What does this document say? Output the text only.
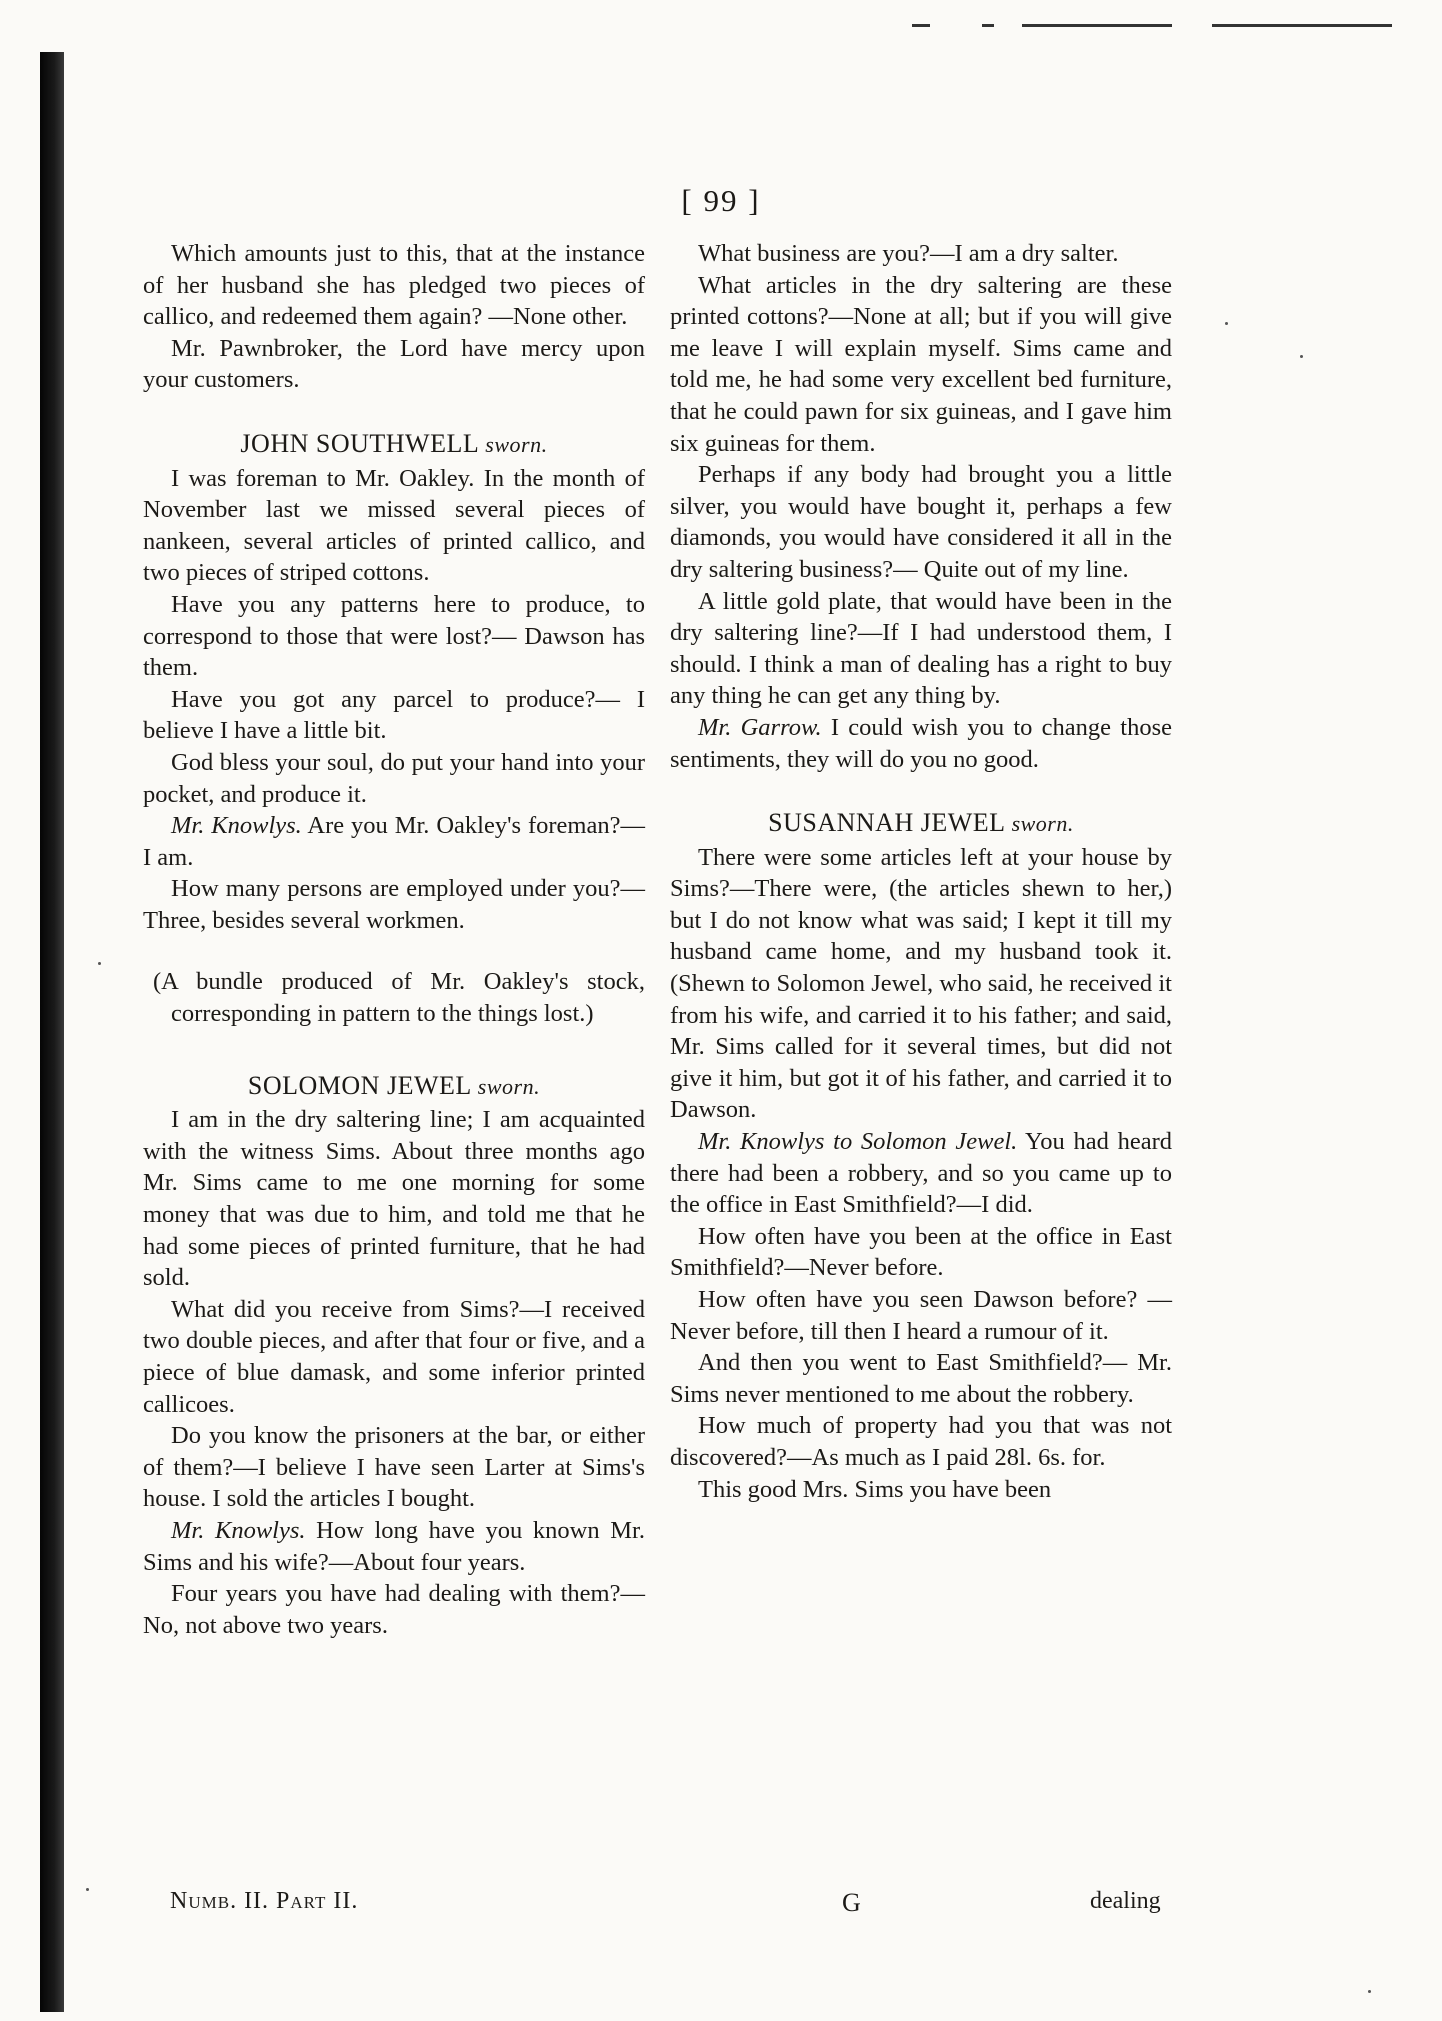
[ 99 ]

Which amounts just to this, that at the instance of her husband she has pledged two pieces of callico, and redeemed them again? —None other.

Mr. Pawnbroker, the Lord have mercy upon your customers.

JOHN SOUTHWELL sworn.

I was foreman to Mr. Oakley. In the month of November last we missed several pieces of nankeen, several articles of printed callico, and two pieces of striped cottons.

Have you any patterns here to produce, to correspond to those that were lost?— Dawson has them.

Have you got any parcel to produce?— I believe I have a little bit.

God bless your soul, do put your hand into your pocket, and produce it.

Mr. Knowlys. Are you Mr. Oakley's foreman?—I am.

How many persons are employed under you?—Three, besides several workmen.

(A bundle produced of Mr. Oakley's stock, corresponding in pattern to the things lost.)

SOLOMON JEWEL sworn.

I am in the dry saltering line; I am acquainted with the witness Sims. About three months ago Mr. Sims came to me one morning for some money that was due to him, and told me that he had some pieces of printed furniture, that he had sold.

What did you receive from Sims?—I received two double pieces, and after that four or five, and a piece of blue damask, and some inferior printed callicoes.

Do you know the prisoners at the bar, or either of them?—I believe I have seen Larter at Sims's house. I sold the articles I bought.

Mr. Knowlys. How long have you known Mr. Sims and his wife?—About four years.

Four years you have had dealing with them?—No, not above two years.

What business are you?—I am a dry salter.

What articles in the dry saltering are these printed cottons?—None at all; but if you will give me leave I will explain myself. Sims came and told me, he had some very excellent bed furniture, that he could pawn for six guineas, and I gave him six guineas for them.

Perhaps if any body had brought you a little silver, you would have bought it, perhaps a few diamonds, you would have considered it all in the dry saltering business?— Quite out of my line.

A little gold plate, that would have been in the dry saltering line?—If I had understood them, I should. I think a man of dealing has a right to buy any thing he can get any thing by.

Mr. Garrow. I could wish you to change those sentiments, they will do you no good.

SUSANNAH JEWEL sworn.

There were some articles left at your house by Sims?—There were, (the articles shewn to her,) but I do not know what was said; I kept it till my husband came home, and my husband took it. (Shewn to Solomon Jewel, who said, he received it from his wife, and carried it to his father; and said, Mr. Sims called for it several times, but did not give it him, but got it of his father, and carried it to Dawson.

Mr. Knowlys to Solomon Jewel. You had heard there had been a robbery, and so you came up to the office in East Smithfield?—I did.

How often have you been at the office in East Smithfield?—Never before.

How often have you seen Dawson before? —Never before, till then I heard a rumour of it.

And then you went to East Smithfield?— Mr. Sims never mentioned to me about the robbery.

How much of property had you that was not discovered?—As much as I paid 28l. 6s. for.

This good Mrs. Sims you have been

Numb. II. Part II.	G	dealing
